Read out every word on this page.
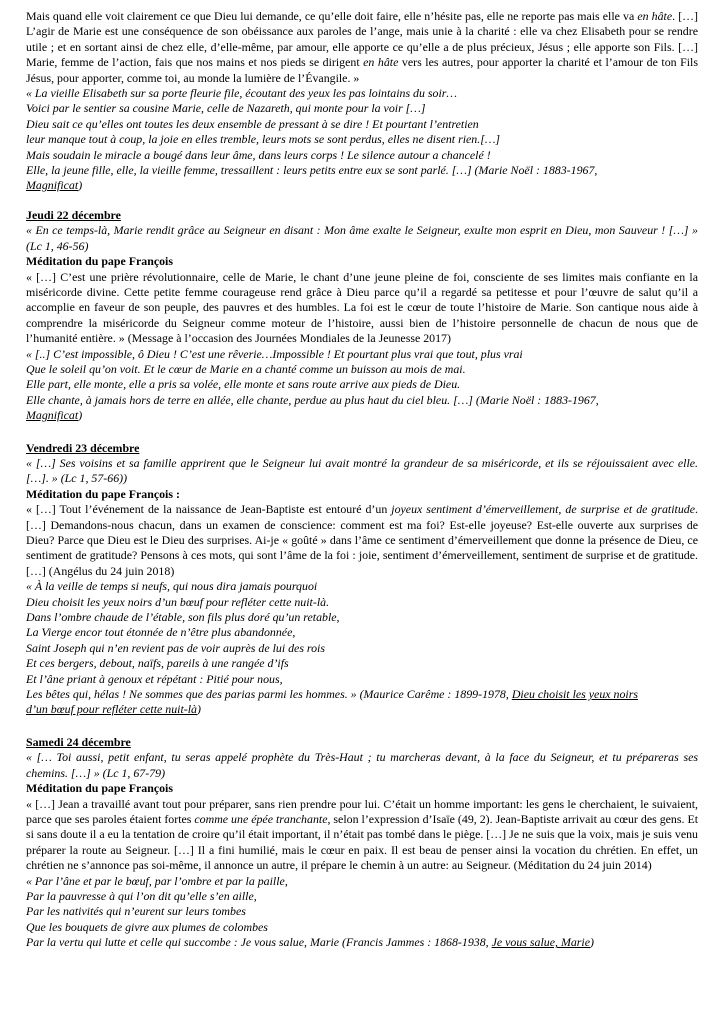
Mais quand elle voit clairement ce que Dieu lui demande, ce qu’elle doit faire, elle n’hésite pas, elle ne reporte pas mais elle va en hâte. […] L’agir de Marie est une conséquence de son obéissance aux paroles de l’ange, mais unie à la charité : elle va chez Elisabeth pour se rendre utile ; et en sortant ainsi de chez elle, d’elle-même, par amour, elle apporte ce qu’elle a de plus précieux, Jésus ; elle apporte son Fils. […] Marie, femme de l’action, fais que nos mains et nos pieds se dirigent en hâte vers les autres, pour apporter la charité et l’amour de ton Fils Jésus, pour apporter, comme toi, au monde la lumière de l’Évangile. »

« La vieille Elisabeth sur sa porte fleurie file, écoutant des yeux les pas lointains du soir…
Voici par le sentier sa cousine Marie, celle de Nazareth, qui monte pour la voir […]
Dieu sait ce qu’elles ont toutes les deux ensemble de pressant à se dire ! Et pourtant l’entretien
leur manque tout à coup, la joie en elles tremble, leurs mots se sont perdus, elles ne disent rien.[…]
Mais soudain le miracle a bougé dans leur âme, dans leurs corps ! Le silence autour a chancelé !
Elle, la jeune fille, elle, la vieille femme, tressaillent : leurs petits entre eux se sont parlé. […] (Marie Noël : 1883-1967,
Magnificat)

Jeudi 22 décembre

« En ce temps-là, Marie rendit grâce au Seigneur en disant : Mon âme exalte le Seigneur, exulte mon esprit en Dieu, mon Sauveur ! […] » (Lc 1, 46-56)

Méditation du pape François

« […] C’est une prière révolutionnaire, celle de Marie, le chant d’une jeune pleine de foi, consciente de ses limites mais confiante en la miséricorde divine. Cette petite femme courageuse rend grâce à Dieu parce qu’il a regardé sa petitesse et pour l’œuvre de salut qu’il a accomplie en faveur de son peuple, des pauvres et des humbles. La foi est le cœur de toute l’histoire de Marie. Son cantique nous aide à comprendre la miséricorde du Seigneur comme moteur de l’histoire, aussi bien de l’histoire personnelle de chacun de nous que de l’humanité entière. » (Message à l’occasion des Journées Mondiales de la Jeunesse 2017)

« [..] C’est impossible, ô Dieu ! C’est une rêverie…Impossible ! Et pourtant plus vrai que tout, plus vrai
Que le soleil qu’on voit. Et le cœur de Marie en a chanté comme un buisson au mois de mai.
Elle part, elle monte, elle a pris sa volée, elle monte et sans route arrive aux pieds de Dieu.
Elle chante, à jamais hors de terre en allée, elle chante, perdue au plus haut du ciel bleu. […] (Marie Noël : 1883-1967,
Magnificat)

Vendredi 23 décembre

« […] Ses voisins et sa famille apprirent que le Seigneur lui avait montré la grandeur de sa miséricorde, et ils se réjouissaient avec elle. […]. » (Lc 1, 57-66))

Méditation du pape François :

« […] Tout l’événement de la naissance de Jean-Baptiste est entouré d’un joyeux sentiment d’émerveillement, de surprise et de gratitude. […] Demandons-nous chacun, dans un examen de conscience: comment est ma foi? Est-elle joyeuse? Est-elle ouverte aux surprises de Dieu? Parce que Dieu est le Dieu des surprises. Ai-je « goûté » dans l’âme ce sentiment d’émerveillement que donne la présence de Dieu, ce sentiment de gratitude? Pensons à ces mots, qui sont l’âme de la foi : joie, sentiment d’émerveillement, sentiment de surprise et de gratitude. […] (Angélus du 24 juin 2018)

« À la veille de temps si neufs, qui nous dira jamais pourquoi
Dieu choisit les yeux noirs d’un bœuf pour refléter cette nuit-là.
Dans l’ombre chaude de l’étable, son fils plus doré qu’un retable,
La Vierge encor tout étonnée de n’être plus abandonnée,
Saint Joseph qui n’en revient pas de voir auprès de lui des rois
Et ces bergers, debout, naïfs, pareils à une rangée d’ifs
Et l’âne priant à genoux et répétant : Pitié pour nous,
Les bêtes qui, hélas ! Ne sommes que des parias parmi les hommes. » (Maurice Carême : 1899-1978, Dieu choisit les yeux noirs
d’un bœuf pour refléter cette nuit-là)

Samedi 24 décembre

« [… Toi aussi, petit enfant, tu seras appelé prophète du Très-Haut ; tu marcheras devant, à la face du Seigneur, et tu prépareras ses chemins. […] » (Lc 1, 67-79)

Méditation du pape François

« […] Jean a travaillé avant tout pour préparer, sans rien prendre pour lui. C’était un homme important: les gens le cherchaient, le suivaient, parce que ses paroles étaient fortes comme une épée tranchante, selon l’expression d’Isaïe (49, 2). Jean-Baptiste arrivait au cœur des gens. Et si sans doute il a eu la tentation de croire qu’il était important, il n’était pas tombé dans le piège. […] Je ne suis que la voix, mais je suis venu préparer la route au Seigneur. […] Il a fini humilié, mais le cœur en paix. Il est beau de penser ainsi la vocation du chrétien. En effet, un chrétien ne s’annonce pas soi-même, il annonce un autre, il prépare le chemin à un autre: au Seigneur. (Méditation du 24 juin 2014)

« Par l’âne et par le bœuf, par l’ombre et par la paille,
Par la pauvresse à qui l’on dit qu’elle s’en aille,
Par les nativités qui n’eurent sur leurs tombes
Que les bouquets de givre aux plumes de colombes
Par la vertu qui lutte et celle qui succombe : Je vous salue, Marie (Francis Jammes : 1868-1938, Je vous salue, Marie)
